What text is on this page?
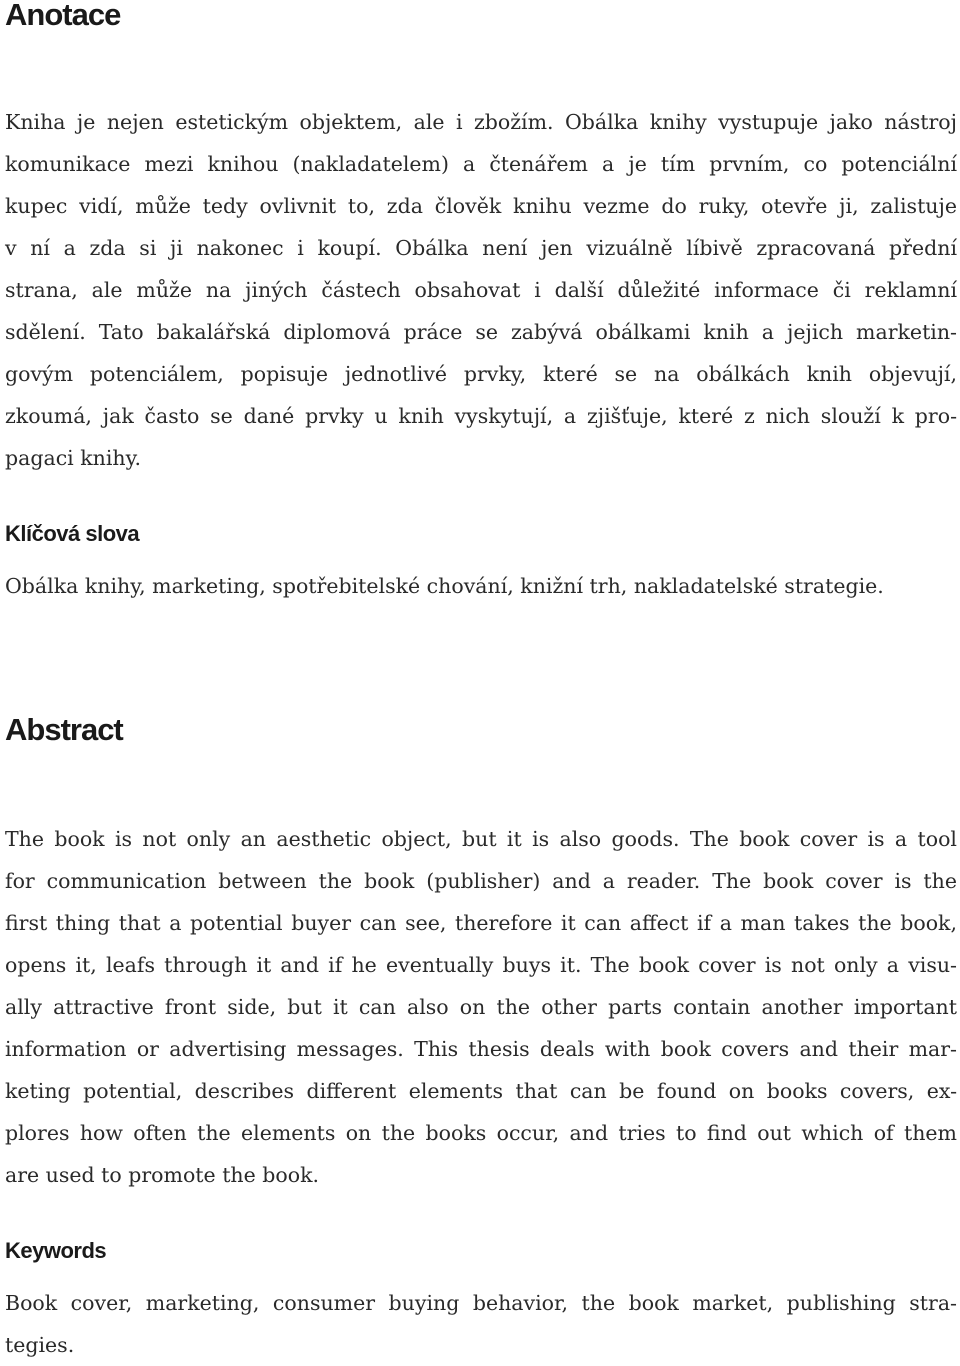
Anotace
Kniha je nejen estetickým objektem, ale i zbožím. Obálka knihy vystupuje jako nástroj
komunikace mezi knihou (nakladatelem) a čtenářem a je tím prvním, co potenciální
kupec vidí, může tedy ovlivnit to, zda člověk knihu vezme do ruky, otevře ji, zalistuje
v ní a zda si ji nakonec i koupí. Obálka není jen vizuálně líbivě zpracovaná přední
strana, ale může na jiných částech obsahovat i další důležité informace či reklamní
sdělení. Tato bakalářská diplomová práce se zabývá obálkami knih a jejich marketin-
govým potenciálem, popisuje jednotlivé prvky, které se na obálkách knih objevují,
zkoumá, jak často se dané prvky u knih vyskytují, a zjišťuje, které z nich slouží k pro-
pagaci knihy.
Klíčová slova
Obálka knihy, marketing, spotřebitelské chování, knižní trh, nakladatelské strategie.
Abstract
The book is not only an aesthetic object, but it is also goods. The book cover is a tool
for communication between the book (publisher) and a reader. The book cover is the
first thing that a potential buyer can see, therefore it can affect if a man takes the book,
opens it, leafs through it and if he eventually buys it. The book cover is not only a visu-
ally attractive front side, but it can also on the other parts contain another important
information or advertising messages. This thesis deals with book covers and their mar-
keting potential, describes different elements that can be found on books covers, ex-
plores how often the elements on the books occur, and tries to find out which of them
are used to promote the book.
Keywords
Book cover, marketing, consumer buying behavior, the book market, publishing stra-
tegies.
